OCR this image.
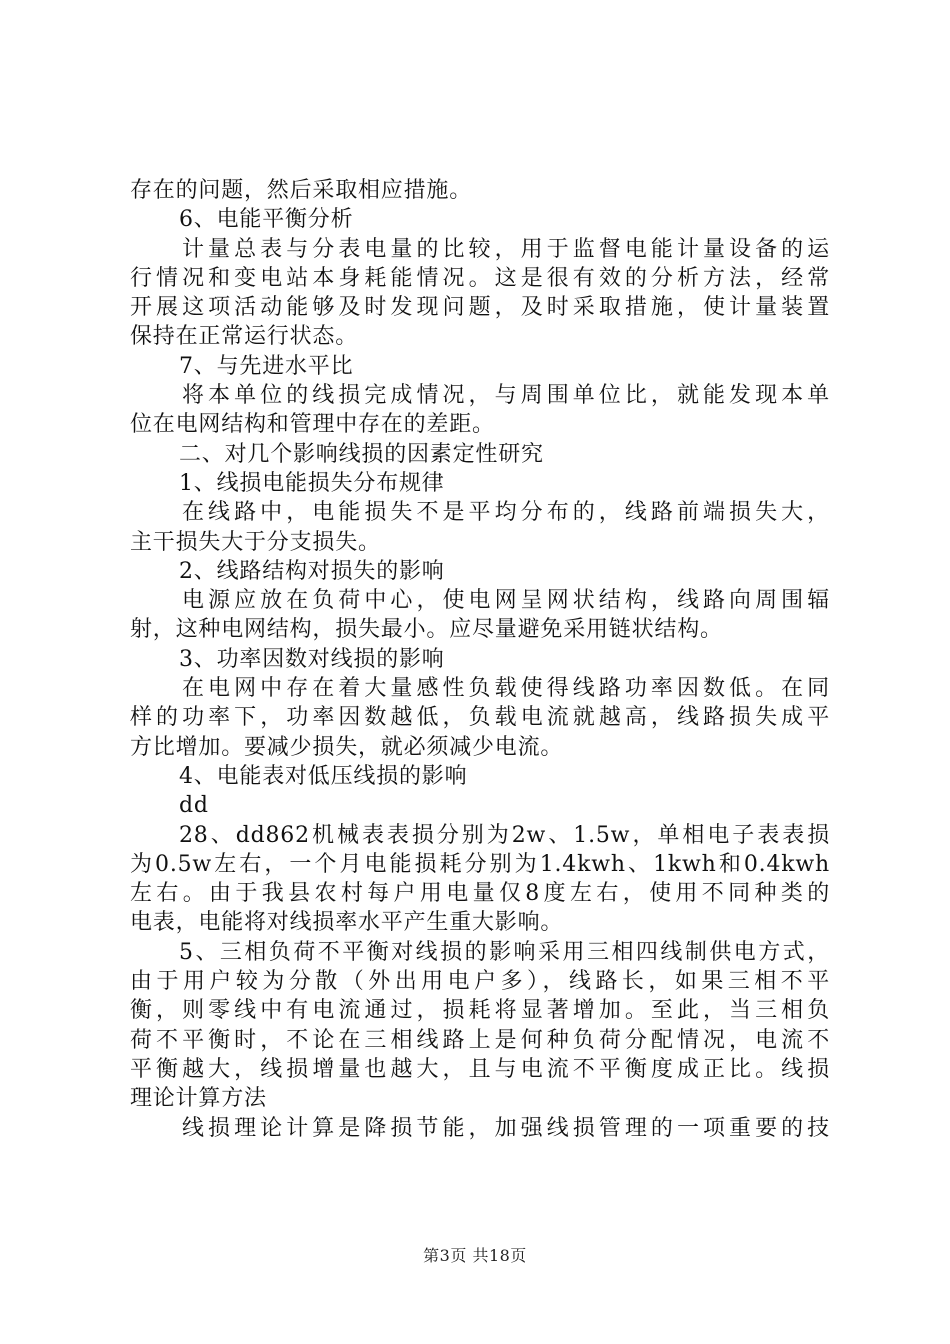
存在的问题，然后采取相应措施。
6、电能平衡分析
计量总表与分表电量的比较，用于监督电能计量设备的运
行情况和变电站本身耗能情况。这是很有效的分析方法，经常
开展这项活动能够及时发现问题，及时采取措施，使计量装置
保持在正常运行状态。
7、与先进水平比
将本单位的线损完成情况，与周围单位比，就能发现本单
位在电网结构和管理中存在的差距。
二、对几个影响线损的因素定性研究
1、线损电能损失分布规律
在线路中，电能损失不是平均分布的，线路前端损失大，
主干损失大于分支损失。
2、线路结构对损失的影响
电源应放在负荷中心，使电网呈网状结构，线路向周围辐
射，这种电网结构，损失最小。应尽量避免采用链状结构。
3、功率因数对线损的影响
在电网中存在着大量感性负载使得线路功率因数低。在同
样的功率下，功率因数越低，负载电流就越高，线路损失成平
方比增加。要减少损失，就必须减少电流。
4、电能表对低压线损的影响
dd
28、dd862机械表表损分别为2w、1.5w，单相电子表表损
为0.5w左右，一个月电能损耗分别为1.4kwh、1kwh和0.4kwh
左右。由于我县农村每户用电量仅8度左右，使用不同种类的
电表，电能将对线损率水平产生重大影响。
5、三相负荷不平衡对线损的影响采用三相四线制供电方式，
由于用户较为分散（外出用电户多），线路长，如果三相不平
衡，则零线中有电流通过，损耗将显著增加。至此，当三相负
荷不平衡时，不论在三相线路上是何种负荷分配情况，电流不
平衡越大，线损增量也越大，且与电流不平衡度成正比。线损
理论计算方法
线损理论计算是降损节能，加强线损管理的一项重要的技
第3页 共18页
